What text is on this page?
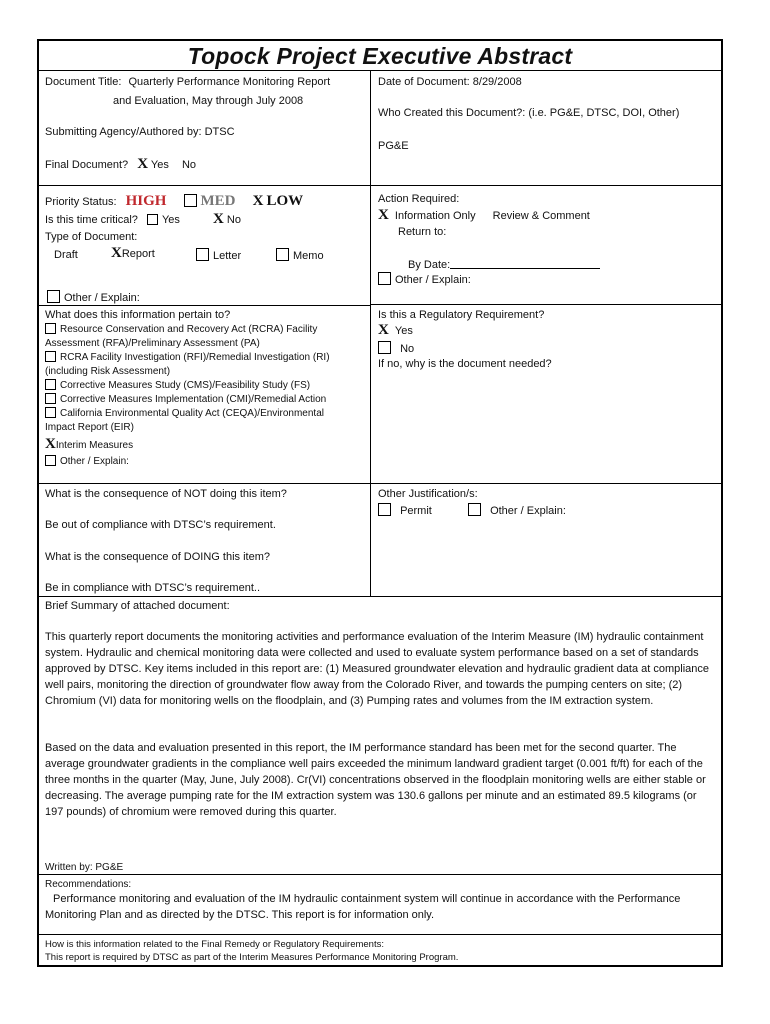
Topock Project Executive Abstract
Document Title: Quarterly Performance Monitoring Report
and Evaluation, May through July 2008
Submitting Agency/Authored by: DTSC
Final Document? X Yes No
Date of Document: 8/29/2008
Who Created this Document?: (i.e. PG&E, DTSC, DOI, Other)
PG&E
Priority Status: HIGH MED X LOW
Is this time critical? Yes X No
Type of Document:
Draft XReport	Letter	Memo
Other / Explain:
Action Required:
X Information Only Review & Comment
Return to:
By Date:
Other / Explain:
What does this information pertain to?
Resource Conservation and Recovery Act (RCRA) Facility
Assessment (RFA)/Preliminary Assessment (PA)
RCRA Facility Investigation (RFI)/Remedial Investigation (RI)
(including Risk Assessment)
Corrective Measures Study (CMS)/Feasibility Study (FS)
Corrective Measures Implementation (CMI)/Remedial Action
California Environmental Quality Act (CEQA)/Environmental
Impact Report (EIR)
XInterim Measures
Other / Explain:
Is this a Regulatory Requirement?
X Yes
No
If no, why is the document needed?
What is the consequence of NOT doing this item?
Be out of compliance with DTSC’s requirement.
What is the consequence of DOING this item?
Be in compliance with DTSC’s requirement..
Other Justification/s:
Permit	Other / Explain:
Brief Summary of attached document:
This quarterly report documents the monitoring activities and performance evaluation of the Interim Measure (IM) hydraulic containment system. Hydraulic and chemical monitoring data were collected and used to evaluate system performance based on a set of standards approved by DTSC. Key items included in this report are: (1) Measured groundwater elevation and hydraulic gradient data at compliance well pairs, monitoring the direction of groundwater flow away from the Colorado River, and towards the pumping centers on site; (2) Chromium (VI) data for monitoring wells on the floodplain, and (3) Pumping rates and volumes from the IM extraction system.
Based on the data and evaluation presented in this report, the IM performance standard has been met for the second quarter. The average groundwater gradients in the compliance well pairs exceeded the minimum landward gradient target (0.001 ft/ft) for each of the three months in the quarter (May, June, July 2008). Cr(VI) concentrations observed in the floodplain monitoring wells are either stable or decreasing. The average pumping rate for the IM extraction system was 130.6 gallons per minute and an estimated 89.5 kilograms (or 197 pounds) of chromium were removed during this quarter.
Written by: PG&E
Recommendations:
Performance monitoring and evaluation of the IM hydraulic containment system will continue in accordance with the Performance Monitoring Plan and as directed by the DTSC. This report is for information only.
How is this information related to the Final Remedy or Regulatory Requirements:
This report is required by DTSC as part of the Interim Measures Performance Monitoring Program.
